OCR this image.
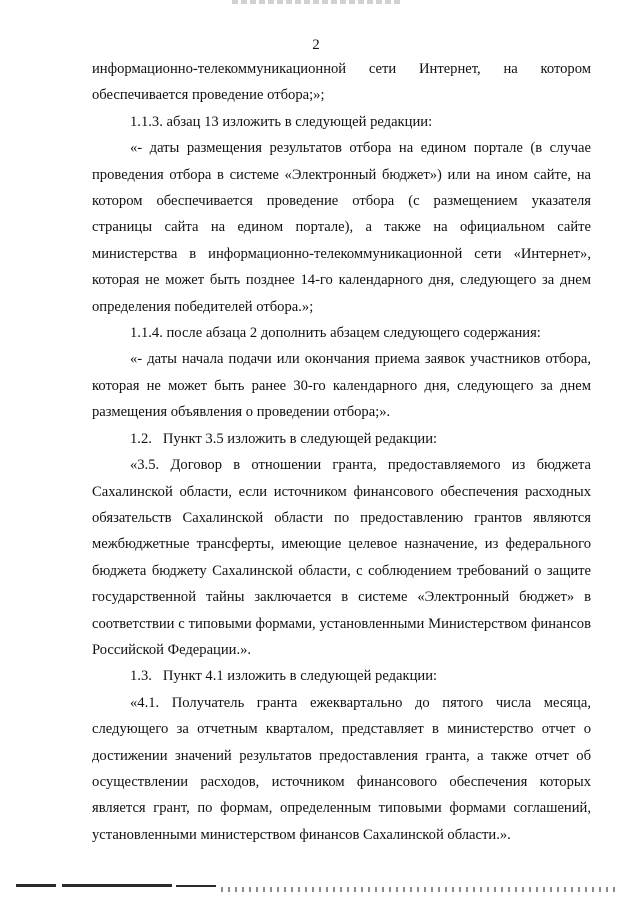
2

информационно-телекоммуникационной сети Интернет, на котором обеспечивается проведение отбора;»;

1.1.3. абзац 13 изложить в следующей редакции:

«- даты размещения результатов отбора на едином портале (в случае проведения отбора в системе «Электронный бюджет») или на ином сайте, на котором обеспечивается проведение отбора (с размещением указателя страницы сайта на едином портале), а также на официальном сайте министерства в информационно-телекоммуникационной сети «Интернет», которая не может быть позднее 14-го календарного дня, следующего за днем определения победителей отбора.»;

1.1.4. после абзаца 2 дополнить абзацем следующего содержания:

«- даты начала подачи или окончания приема заявок участников отбора, которая не может быть ранее 30-го календарного дня, следующего за днем размещения объявления о проведении отбора;».

1.2.   Пункт 3.5 изложить в следующей редакции:

«3.5. Договор в отношении гранта, предоставляемого из бюджета Сахалинской области, если источником финансового обеспечения расходных обязательств Сахалинской области по предоставлению грантов являются межбюджетные трансферты, имеющие целевое назначение, из федерального бюджета бюджету Сахалинской области, с соблюдением требований о защите государственной тайны заключается в системе «Электронный бюджет» в соответствии с типовыми формами, установленными Министерством финансов Российской Федерации.».

1.3.   Пункт 4.1 изложить в следующей редакции:

«4.1. Получатель гранта ежеквартально до пятого числа месяца, следующего за отчетным кварталом, представляет в министерство отчет о достижении значений результатов предоставления гранта, а также отчет об осуществлении расходов, источником финансового обеспечения которых является грант, по формам, определенным типовыми формами соглашений, установленными министерством финансов Сахалинской области.».
